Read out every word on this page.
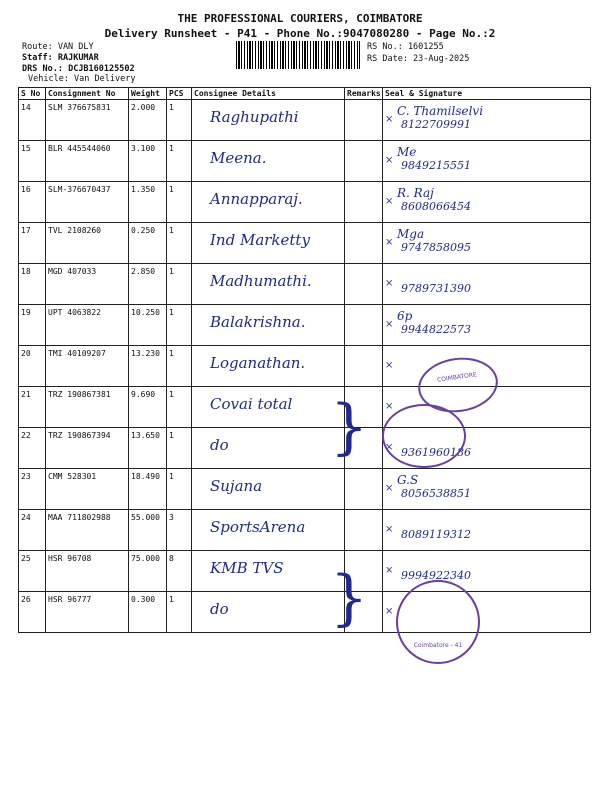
THE PROFESSIONAL COURIERS, COIMBATORE
Delivery Runsheet - P41 - Phone No.:9047080280 - Page No.:2
Route: VAN DLY
Staff: RAJKUMAR
DRS No.: DCJB160125502
Vehicle: Van Delivery
RS No.: 1601255
RS Date: 23-Aug-2025
S No	Consignment No	Weight	PCS	Consignee Details	Remarks	Seal & Signature
14	SLM 376675831	2.000	1	Raghupathi		×
C. Thamilselvi
8122709991

15	BLR 445544060	3.100	1	Meena.		×
Me
9849215551

16	SLM-376670437	1.350	1	Annapparaj.		×
R. Raj
8608066454

17	TVL 2108260	0.250	1	Ind Marketty		×
Mga
9747858095

18	MGD 407033	2.850	1	Madhumathi.		× 9789731390

19	UPT 4063822	10.250	1	Balakrishna.		×
6p
9944822573

20	TMI 40109207	13.230	1	Loganathan.		×

21	TRZ 190867381	9.690	1	Covai total		×

22	TRZ 190867394	13.650	1	do		× 9361960186

23	CMM 528301	18.490	1	Sujana		×
G.S
8056538851

24	MAA 711802988	55.000	3	SportsArena		× 8089119312

25	HSR 96708	75.000	8	KMB TVS		× 9994922340

26	HSR 96777	0.300	1	do		×
COIMBATORE
Coimbatore - 41
}
}
